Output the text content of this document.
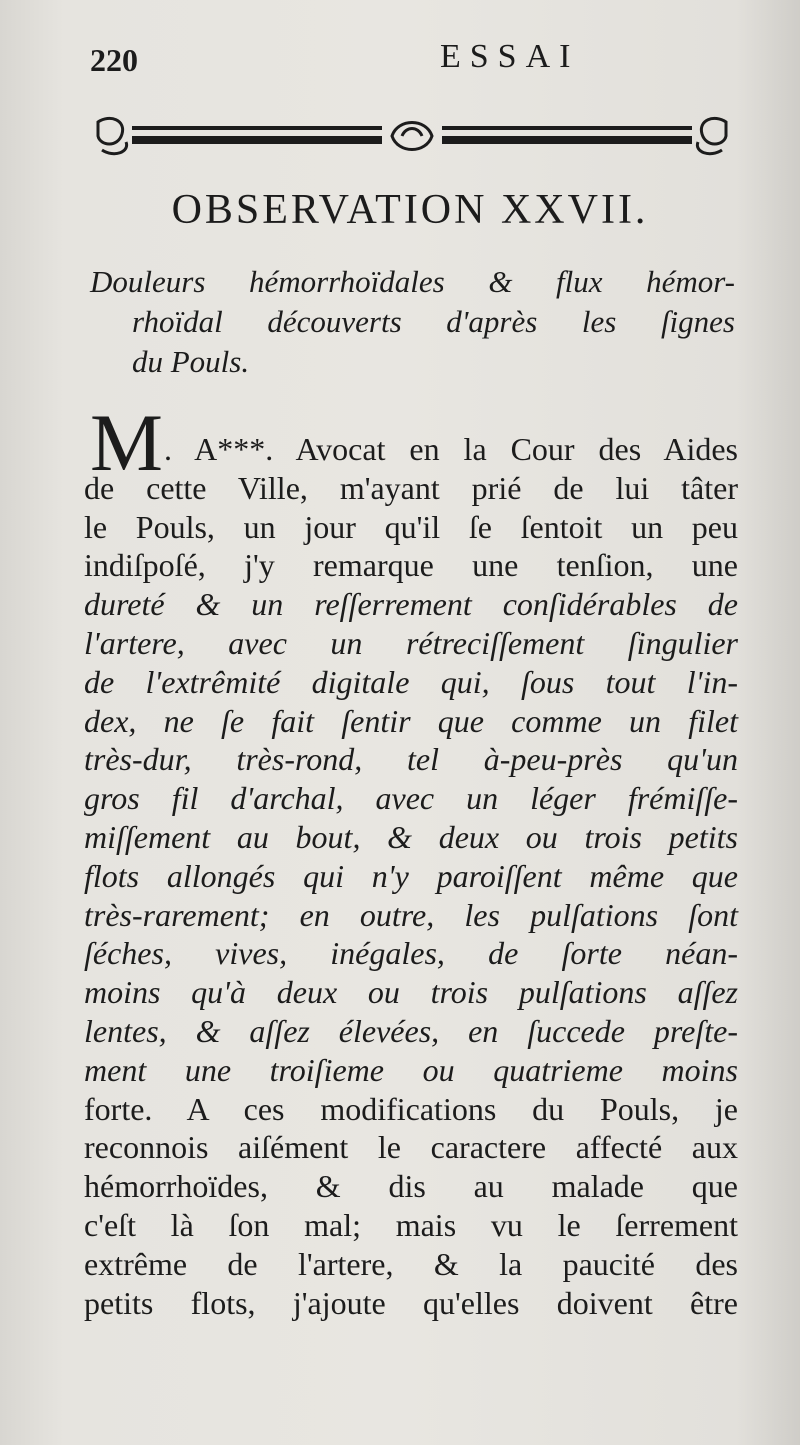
220	ESSAI
OBSERVATION XXVII.
Douleurs hémorrhoïdales & flux hémor-
rhoïdal découverts d'après les ſignes
du Pouls.
M . A***. Avocat en la Cour des Aides
de cette Ville, m'ayant prié de lui tâter
le Pouls, un jour qu'il ſe ſentoit un peu
indiſpoſé, j'y remarque une tenſion, une
dureté & un reſſerrement conſidérables de
l'artere, avec un rétreciſſement ſingulier
de l'extrêmité digitale qui, ſous tout l'in-
dex, ne ſe fait ſentir que comme un filet
très-dur, très-rond, tel à-peu-près qu'un
gros fil d'archal, avec un léger frémiſſe-
miſſement au bout, & deux ou trois petits
flots allongés qui n'y paroiſſent même que
très-rarement; en outre, les pulſations ſont
ſéches, vives, inégales, de ſorte néan-
moins qu'à deux ou trois pulſations aſſez
lentes, & aſſez élevées, en ſuccede preſte-
ment une troiſieme ou quatrieme moins
forte. A ces modifications du Pouls, je
reconnois aiſément le caractere affecté aux
hémorrhoïdes, & dis au malade que
c'eſt là ſon mal; mais vu le ſerrement
extrême de l'artere, & la paucité des
petits flots, j'ajoute qu'elles doivent être
